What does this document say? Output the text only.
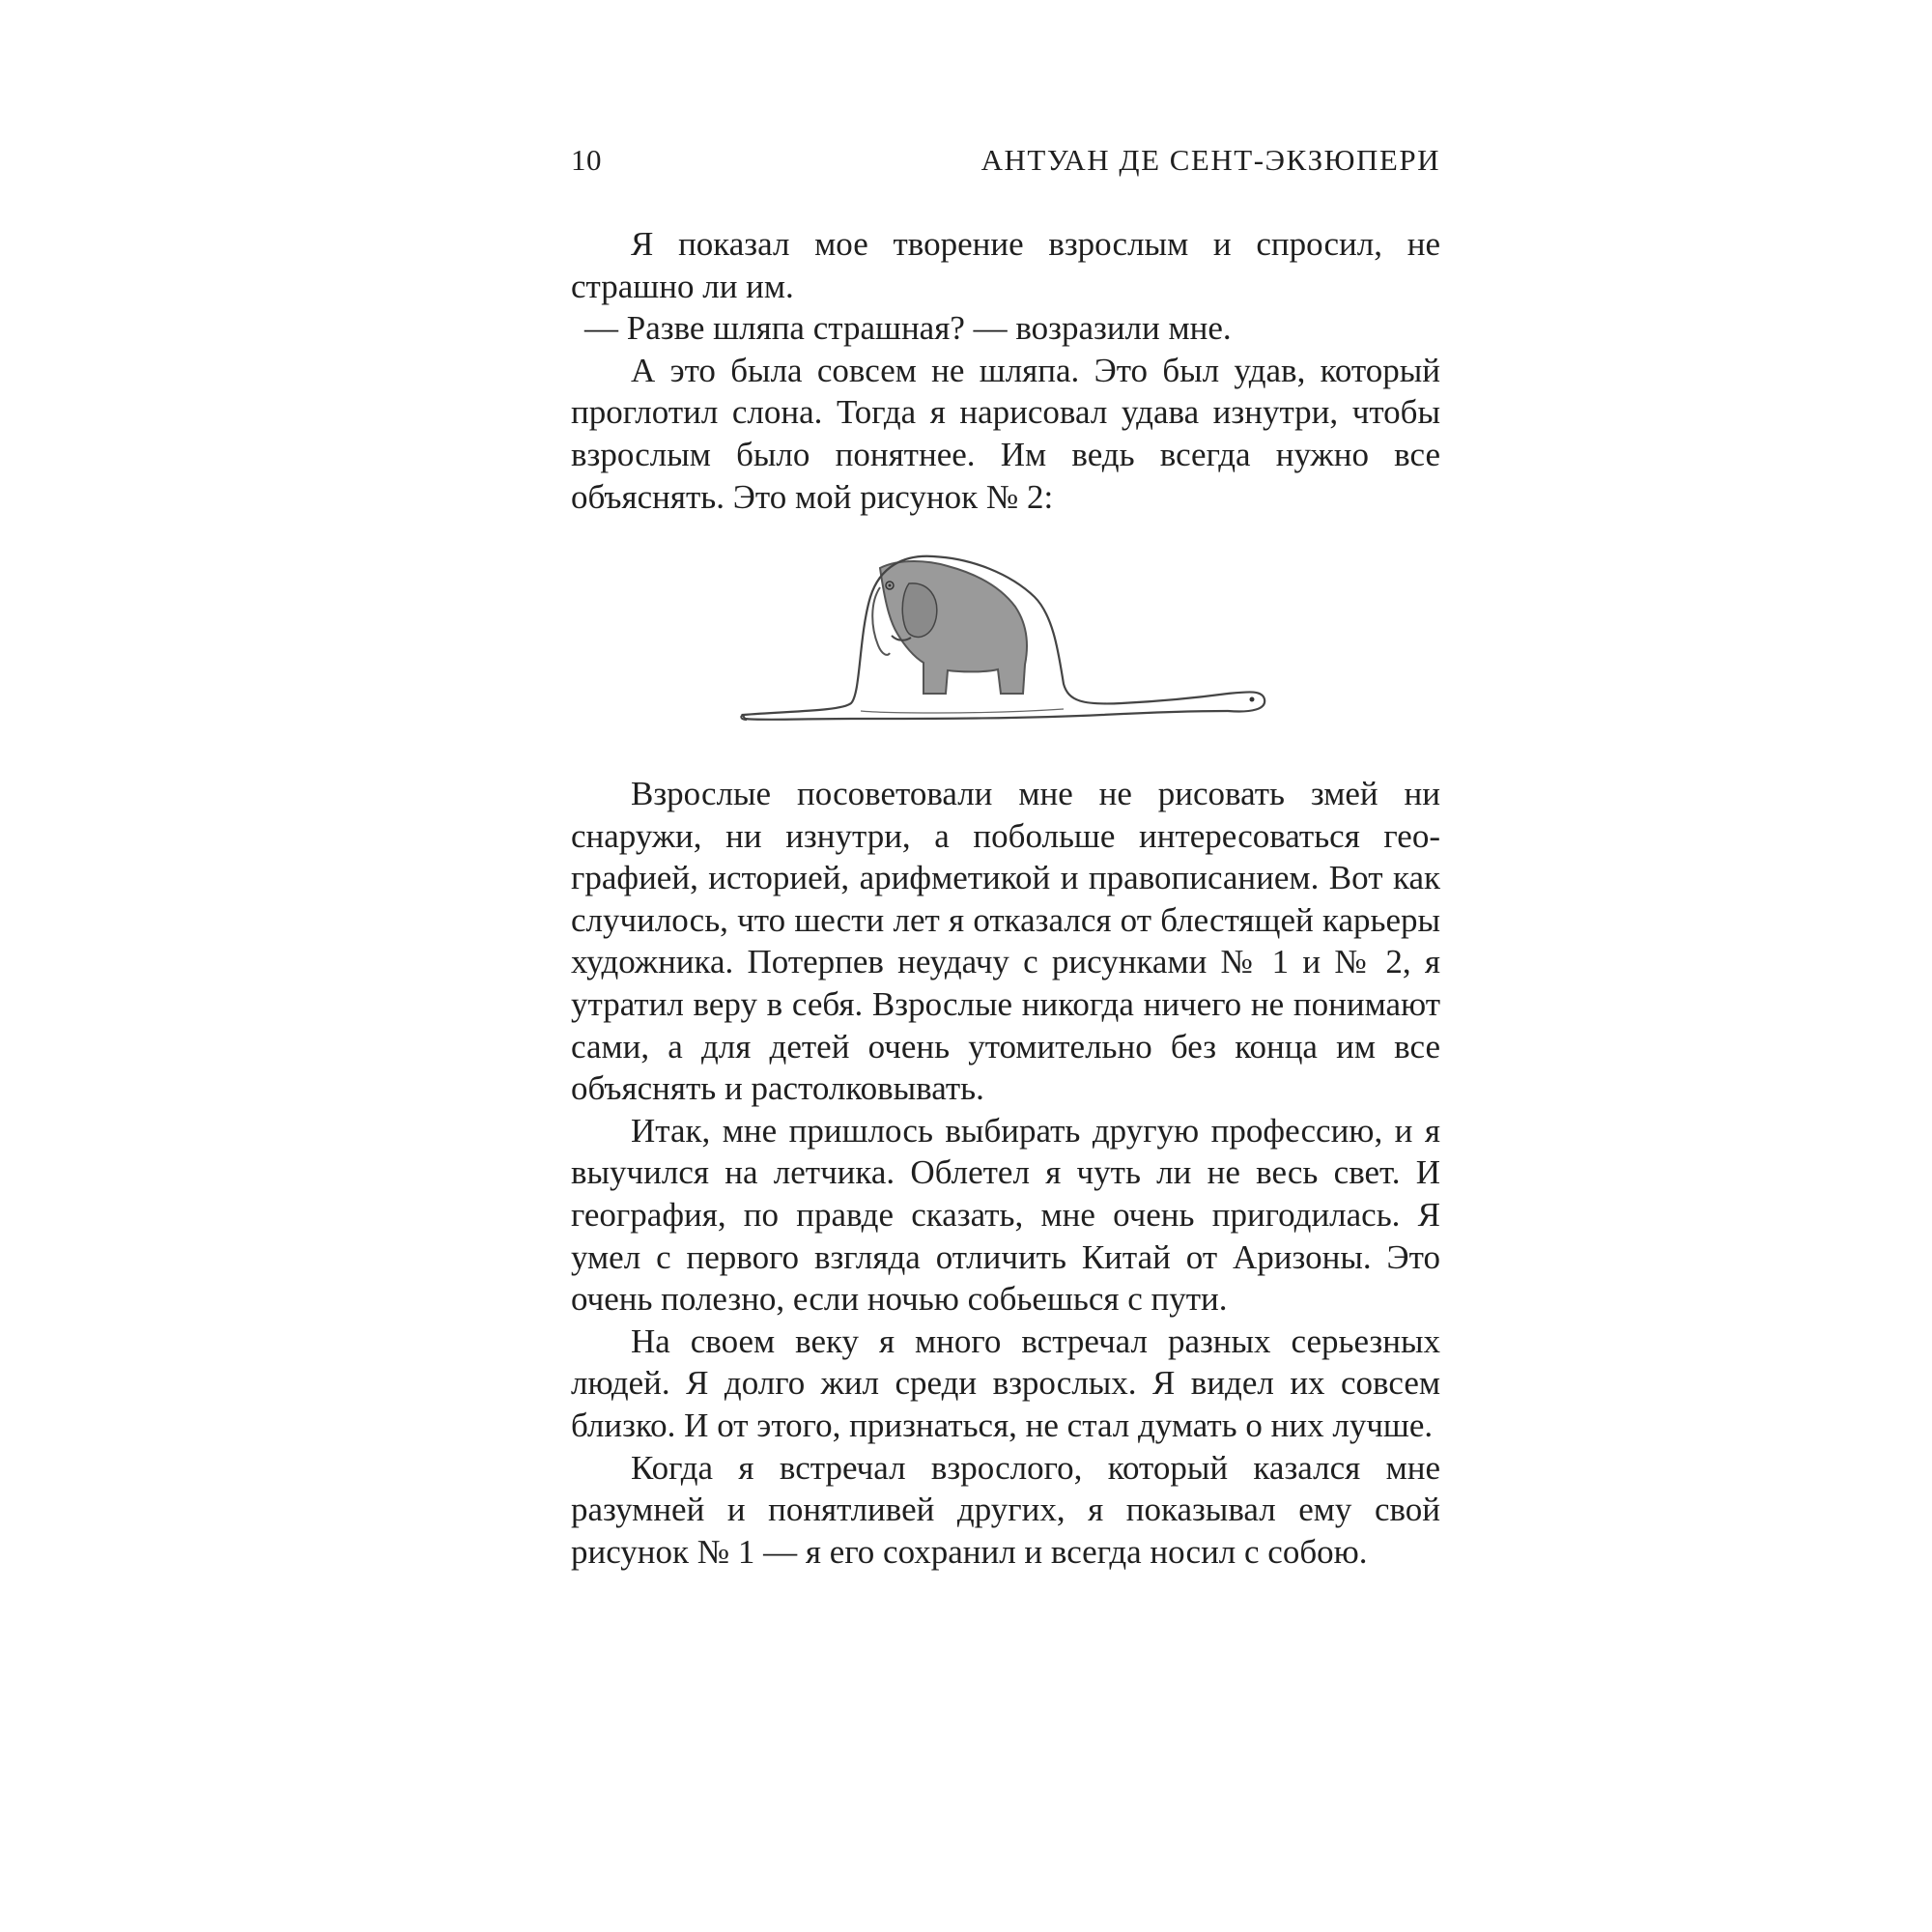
10	АНТУАН ДЕ СЕНТ-ЭКЗЮПЕРИ

Я показал мое творение взрослым и спросил, не страшно ли им.

— Разве шляпа страшная? — возразили мне.

А это была совсем не шляпа. Это был удав, который проглотил слона. Тогда я нарисовал удава изнутри, чтобы взрослым было понятнее. Им ведь всегда нужно все объяснять. Это мой рисунок № 2:

Взрослые посоветовали мне не рисовать змей ни снаружи, ни изнутри, а побольше интересоваться географией, историей, арифметикой и правописанием. Вот как случилось, что шести лет я отказался от блестящей карьеры художника. Потерпев неудачу с рисунками № 1 и № 2, я утратил веру в себя. Взрослые никогда ничего не понимают сами, а для детей очень утомительно без конца им все объяснять и растолковывать.

Итак, мне пришлось выбирать другую профессию, и я выучился на летчика. Облетел я чуть ли не весь свет. И география, по правде сказать, мне очень пригодилась. Я умел с первого взгляда отличить Китай от Аризоны. Это очень полезно, если ночью собьешься с пути.

На своем веку я много встречал разных серьезных людей. Я долго жил среди взрослых. Я видел их совсем близко. И от этого, признаться, не стал думать о них лучше.

Когда я встречал взрослого, который казался мне разумней и понятливей других, я показывал ему свой рисунок № 1 — я его сохранил и всегда носил с собою.
